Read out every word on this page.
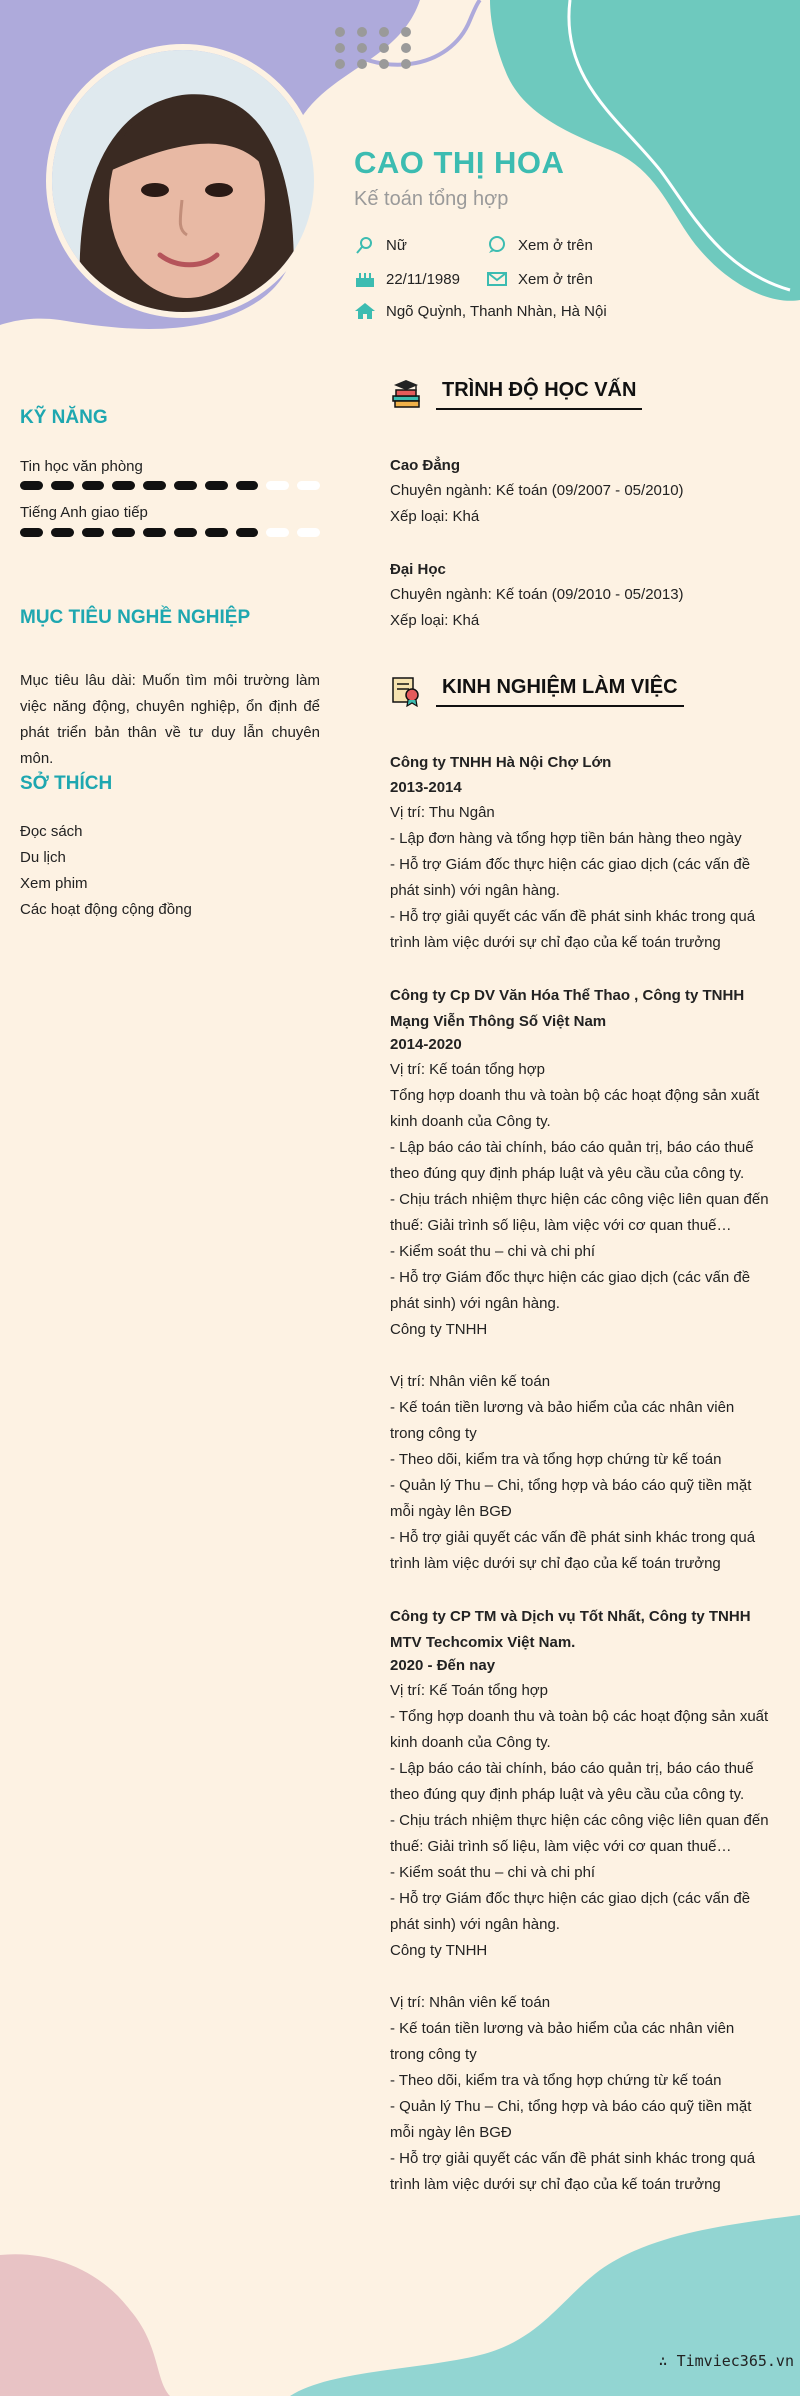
CAO THỊ HOA
Kế toán tổng hợp
Nữ	Xem ở trên
22/11/1989	Xem ở trên
Ngõ Quỳnh, Thanh Nhàn, Hà Nội
KỸ NĂNG
Tin học văn phòng
Tiếng Anh giao tiếp
MỤC TIÊU NGHỀ NGHIỆP
Mục tiêu lâu dài: Muốn tìm môi trường làm việc năng động, chuyên nghiệp, ổn định để phát triển bản thân về tư duy lẫn chuyên môn.
SỞ THÍCH
Đọc sách
Du lịch
Xem phim
Các hoạt động cộng đồng
TRÌNH ĐỘ HỌC VẤN
Cao Đẳng
Chuyên ngành: Kế toán (09/2007 - 05/2010)
Xếp loại: Khá
Đại Học
Chuyên ngành: Kế toán (09/2010 - 05/2013)
Xếp loại: Khá
KINH NGHIỆM LÀM VIỆC
Công ty TNHH Hà Nội Chợ Lớn
2013-2014
Vị trí: Thu Ngân
- Lập đơn hàng và tổng hợp tiền bán hàng theo ngày
- Hỗ trợ Giám đốc thực hiện các giao dịch (các vấn đề phát sinh) với ngân hàng.
- Hỗ trợ giải quyết các vấn đề phát sinh khác trong quá trình làm việc dưới sự chỉ đạo của kế toán trưởng
Công ty Cp DV Văn Hóa Thể Thao , Công ty TNHH Mạng Viễn Thông Số Việt Nam
2014-2020
Vị trí: Kế toán tổng hợp
Tổng hợp doanh thu và toàn bộ các hoạt động sản xuất kinh doanh của Công ty.
- Lập báo cáo tài chính, báo cáo quản trị, báo cáo thuế theo đúng quy định pháp luật và yêu cầu của công ty.
- Chịu trách nhiệm thực hiện các công việc liên quan đến thuế: Giải trình số liệu, làm việc với cơ quan thuế…
- Kiểm soát thu – chi và chi phí
- Hỗ trợ Giám đốc thực hiện các giao dịch (các vấn đề phát sinh) với ngân hàng.
Công ty TNHH

Vị trí: Nhân viên kế toán
- Kế toán tiền lương và bảo hiểm của các nhân viên trong công ty
- Theo dõi, kiểm tra và tổng hợp chứng từ kế toán
- Quản lý Thu – Chi, tổng hợp và báo cáo quỹ tiền mặt mỗi ngày lên BGĐ
- Hỗ trợ giải quyết các vấn đề phát sinh khác trong quá trình làm việc dưới sự chỉ đạo của kế toán trưởng
Công ty CP TM và Dịch vụ Tốt Nhất, Công ty TNHH MTV Techcomix Việt Nam.
2020 - Đến nay
Vị trí: Kế Toán tổng hợp
- Tổng hợp doanh thu và toàn bộ các hoạt động sản xuất kinh doanh của Công ty.
- Lập báo cáo tài chính, báo cáo quản trị, báo cáo thuế theo đúng quy định pháp luật và yêu cầu của công ty.
- Chịu trách nhiệm thực hiện các công việc liên quan đến thuế: Giải trình số liệu, làm việc với cơ quan thuế…
- Kiểm soát thu – chi và chi phí
- Hỗ trợ Giám đốc thực hiện các giao dịch (các vấn đề phát sinh) với ngân hàng.
Công ty TNHH

Vị trí: Nhân viên kế toán
- Kế toán tiền lương và bảo hiểm của các nhân viên trong công ty
- Theo dõi, kiểm tra và tổng hợp chứng từ kế toán
- Quản lý Thu – Chi, tổng hợp và báo cáo quỹ tiền mặt mỗi ngày lên BGĐ
- Hỗ trợ giải quyết các vấn đề phát sinh khác trong quá trình làm việc dưới sự chỉ đạo của kế toán trưởng
∴ Timviec365.vn
